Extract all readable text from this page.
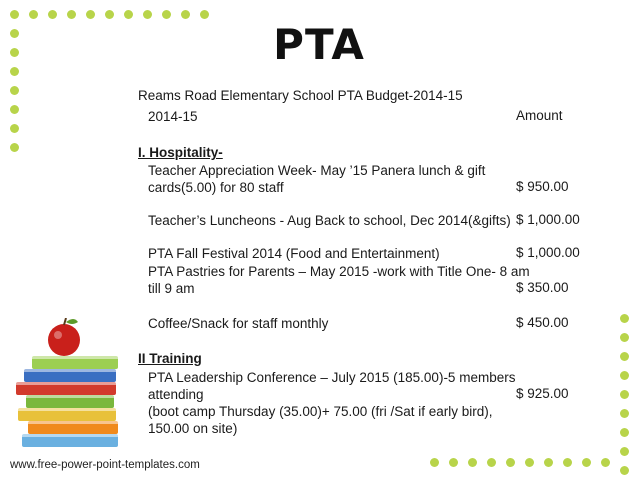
PTA
Reams Road Elementary School PTA Budget-2014-15
2014-15	Amount
I. Hospitality-
Teacher Appreciation Week- May ’15 Panera lunch & gift
cards(5.00) for 80 staff	$ 950.00
Teacher’s Luncheons - Aug Back to school, Dec 2014(&gifts) $ 1,000.00
PTA Fall Festival 2014 (Food and Entertainment)	$ 1,000.00
PTA Pastries for Parents – May 2015 -work with Title One- 8 am
till 9 am	$ 350.00
Coffee/Snack for staff monthly	$ 450.00
II Training
PTA Leadership Conference – July 2015 (185.00)-5 members
attending
(boot camp Thursday (35.00)+ 75.00 (fri /Sat if early bird),
150.00 on site)
$ 925.00
www.free-power-point-templates.com
